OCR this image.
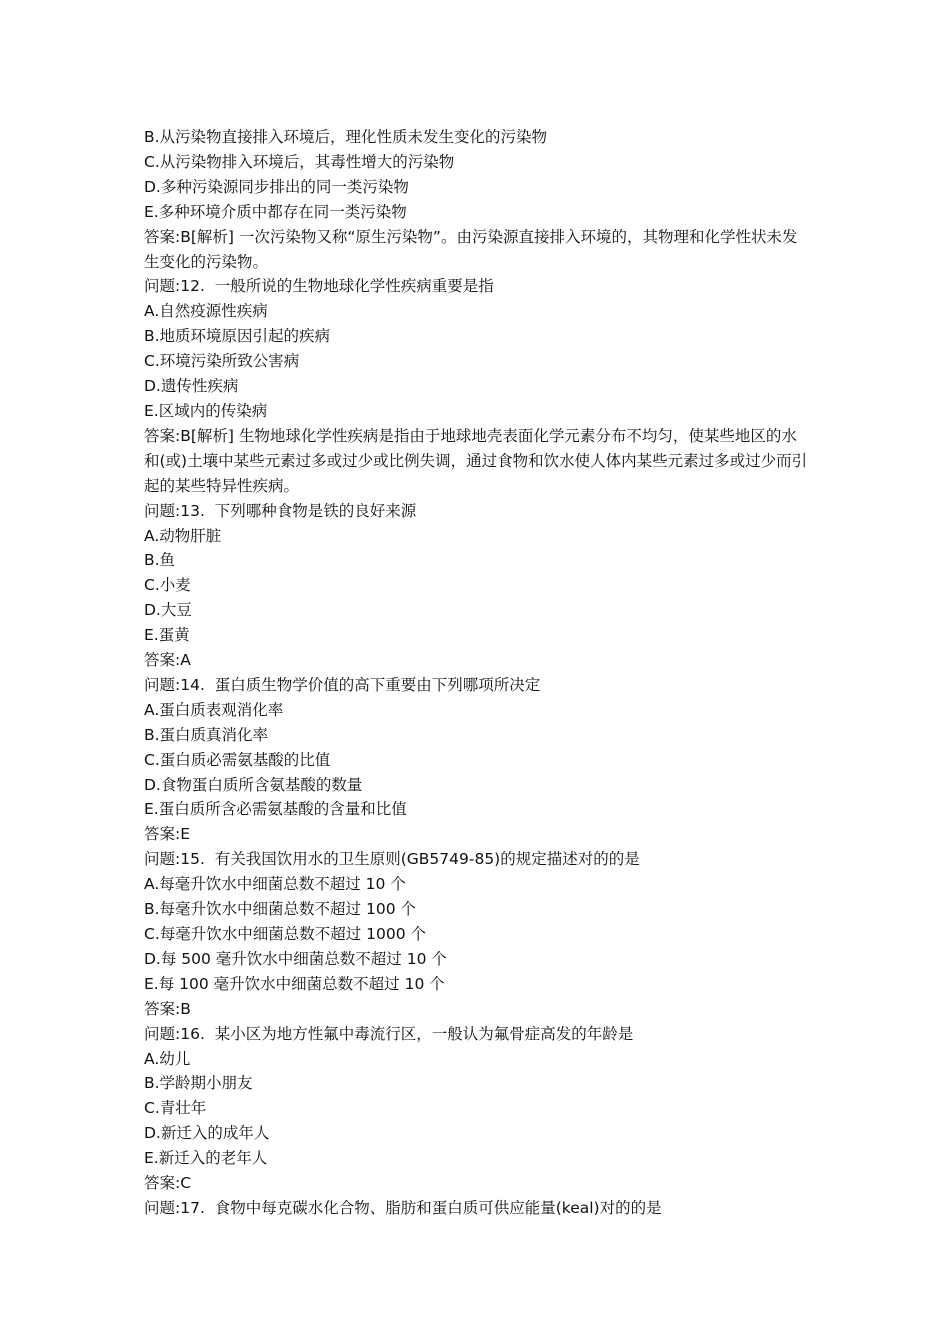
B.从污染物直接排入环境后，理化性质未发生变化的污染物
C.从污染物排入环境后，其毒性增大的污染物
D.多种污染源同步排出的同一类污染物
E.多种环境介质中都存在同一类污染物
答案:B[解析] 一次污染物又称“原生污染物”。由污染源直接排入环境的，其物理和化学性状未发生变化的污染物。
问题:12.  一般所说的生物地球化学性疾病重要是指
A.自然疫源性疾病
B.地质环境原因引起的疾病
C.环境污染所致公害病
D.遗传性疾病
E.区域内的传染病
答案:B[解析] 生物地球化学性疾病是指由于地球地壳表面化学元素分布不均匀，使某些地区的水和(或)土壤中某些元素过多或过少或比例失调，通过食物和饮水使人体内某些元素过多或过少而引起的某些特异性疾病。
问题:13.  下列哪种食物是铁的良好来源
A.动物肝脏
B.鱼
C.小麦
D.大豆
E.蛋黄
答案:A
问题:14.  蛋白质生物学价值的高下重要由下列哪项所决定
A.蛋白质表观消化率
B.蛋白质真消化率
C.蛋白质必需氨基酸的比值
D.食物蛋白质所含氨基酸的数量
E.蛋白质所含必需氨基酸的含量和比值
答案:E
问题:15.  有关我国饮用水的卫生原则(GB5749-85)的规定描述对的的是
A.每毫升饮水中细菌总数不超过 10 个
B.每毫升饮水中细菌总数不超过 100 个
C.每毫升饮水中细菌总数不超过 1000 个
D.每 500 毫升饮水中细菌总数不超过 10 个
E.每 100 毫升饮水中细菌总数不超过 10 个
答案:B
问题:16.  某小区为地方性氟中毒流行区，一般认为氟骨症高发的年龄是
A.幼儿
B.学龄期小朋友
C.青壮年
D.新迁入的成年人
E.新迁入的老年人
答案:C
问题:17.  食物中每克碳水化合物、脂肪和蛋白质可供应能量(keal)对的的是
